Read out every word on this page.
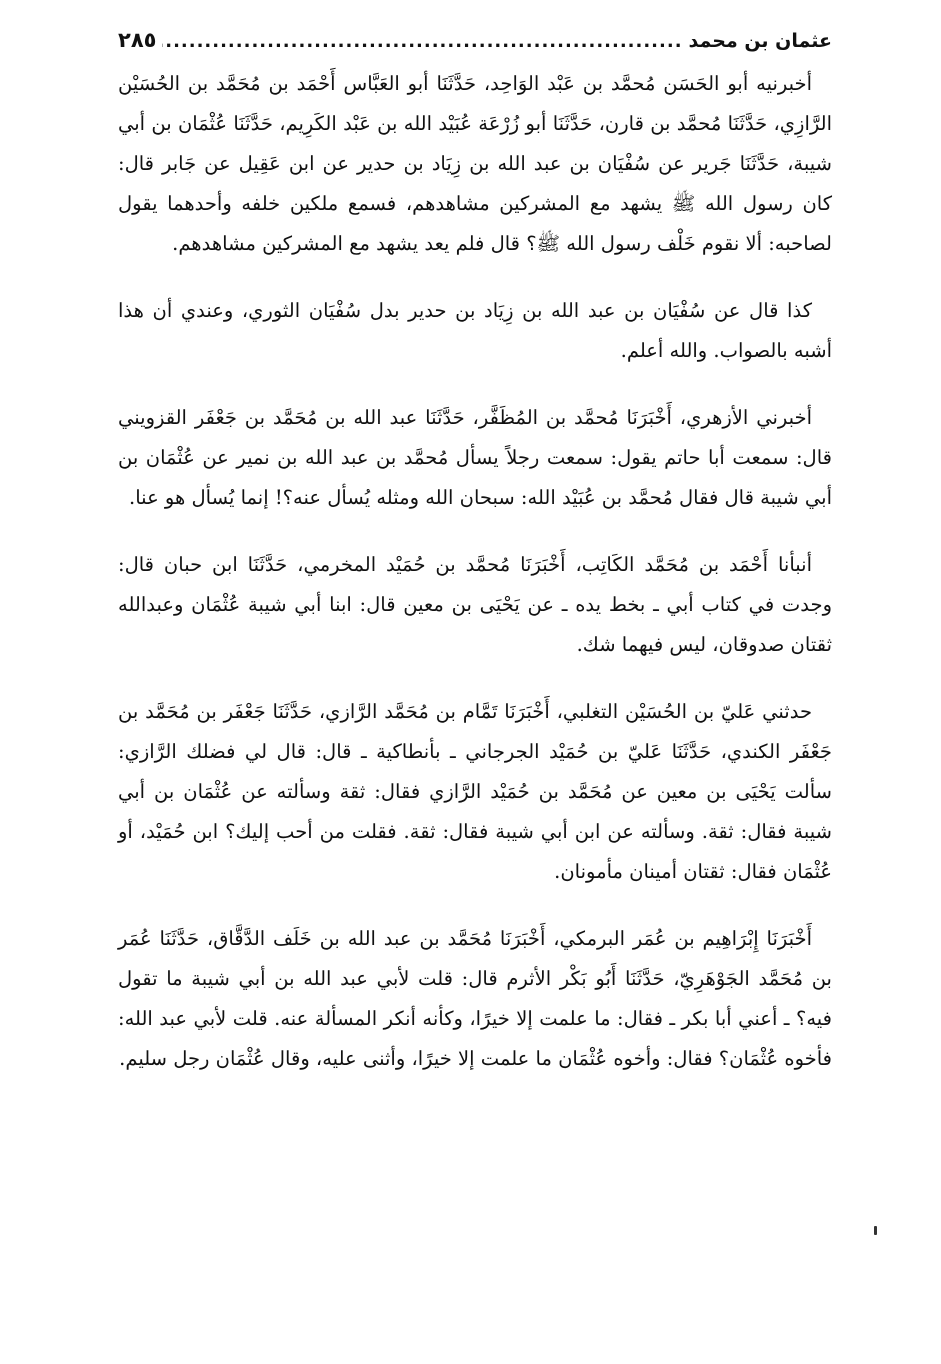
عثمان بن محمد
.....
٢٨٥

أخبرنيه أبو الحَسَن مُحمَّد بن عَبْد الوَاحِد، حَدَّثَنَا أبو العَبَّاس أَحْمَد بن مُحَمَّد بن الحُسَيْن الرَّازِي، حَدَّثَنَا مُحمَّد بن قارن، حَدَّثَنَا أبو زُرْعَة عُبَيْد الله بن عَبْد الكَرِيم، حَدَّثَنَا عُثْمَان بن أبي شيبة، حَدَّثَنَا جَرير عن سُفْيَان بن عبد الله بن زِيَاد بن حدير عن ابن عَقِيل عن جَابر قال: كان رسول الله ﷺ يشهد مع المشركين مشاهدهم، فسمع ملكين خلفه وأحدهما يقول لصاحبه: ألا نقوم خَلْف رسول الله ﷺ؟ قال فلم يعد يشهد مع المشركين مشاهدهم.

كذا قال عن سُفْيَان بن عبد الله بن زِيَاد بن حدير بدل سُفْيَان الثوري، وعندي أن هذا أشبه بالصواب. والله أعلم.

أخبرني الأزهري، أَخْبَرَنَا مُحمَّد بن المُظَفَّر، حَدَّثَنَا عبد الله بن مُحَمَّد بن جَعْفَر القزويني قال: سمعت أبا حاتم يقول: سمعت رجلاً يسأل مُحمَّد بن عبد الله بن نمير عن عُثْمَان بن أبي شيبة قال فقال مُحمَّد بن عُبَيْد الله: سبحان الله ومثله يُسأل عنه؟! إنما يُسأل هو عنا.

أنبأنا أَحْمَد بن مُحَمَّد الكَاتِب، أَخْبَرَنَا مُحمَّد بن حُمَيْد المخرمي، حَدَّثَنَا ابن حبان قال: وجدت في كتاب أبي ـ بخط يده ـ عن يَحْيَى بن معين قال: ابنا أبي شيبة عُثْمَان وعبدالله ثقتان صدوقان، ليس فيهما شك.

حدثني عَليّ بن الحُسَيْن التغلبي، أَخْبَرَنَا تَمَّام بن مُحَمَّد الرَّازي، حَدَّثَنَا جَعْفَر بن مُحَمَّد بن جَعْفَر الكندي، حَدَّثَنَا عَليّ بن حُمَيْد الجرجاني ـ بأنطاكية ـ قال: قال لي فضلك الرَّازي: سألت يَحْيَى بن معين عن مُحَمَّد بن حُمَيْد الرَّازي فقال: ثقة وسألته عن عُثْمَان بن أبي شيبة فقال: ثقة. وسألته عن ابن أبي شيبة فقال: ثقة. فقلت من أحب إليك؟ ابن حُمَيْد، أو عُثْمَان فقال: ثقتان أمينان مأمونان.

أَخْبَرَنَا إِبْرَاهِيم بن عُمَر البرمكي، أَخْبَرَنَا مُحَمَّد بن عبد الله بن خَلَف الدَّقَّاق، حَدَّثَنَا عُمَر بن مُحَمَّد الجَوْهَرِيّ، حَدَّثَنَا أَبُو بَكْر الأثرم قال: قلت لأبي عبد الله بن أبي شيبة ما تقول فيه؟ ـ أعني أبا بكر ـ فقال: ما علمت إلا خيرًا، وكأنه أنكر المسألة عنه. قلت لأبي عبد الله: فأخوه عُثْمَان؟ فقال: وأخوه عُثْمَان ما علمت إلا خيرًا، وأثنى عليه، وقال عُثْمَان رجل سليم.
